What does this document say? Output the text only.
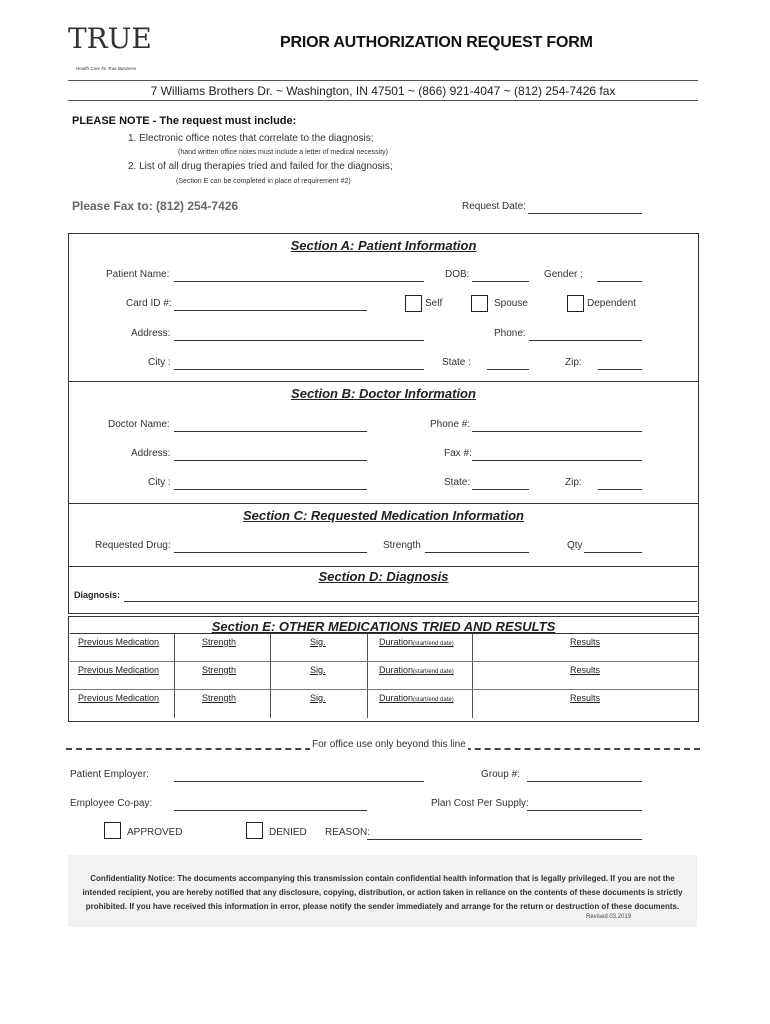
TRUE
Health Care for True Business
PRIOR AUTHORIZATION REQUEST FORM
7 Williams Brothers Dr. ~ Washington, IN 47501 ~ (866) 921-4047 ~ (812) 254-7426 fax
PLEASE NOTE - The request must include:
1. Electronic office notes that correlate to the diagnosis;
(hand written office notes must include a letter of medical necessity)
2. List of all drug therapies tried and failed for the diagnosis;
(Section E can be completed in place of requirement #2)
Please Fax to: (812) 254-7426	Request Date:
Section A: Patient Information
Patient Name:	DOB:	Gender :
Card ID #:	Self	Spouse	Dependent
Address:	Phone:
City :	State :	Zip:
Section B: Doctor Information
Doctor Name:	Phone #:
Address:	Fax #:
City :	State:	Zip:
Section C: Requested Medication Information
Requested Drug:	Strength	Qty
Section D: Diagnosis
Diagnosis:
Section E: OTHER MEDICATIONS TRIED AND RESULTS
Previous Medication	Strength	Sig.	Duration(start/end date)	Results
Previous Medication	Strength	Sig.	Duration(start/end date)	Results
Previous Medication	Strength	Sig.	Duration(start/end date)	Results
For office use only beyond this line
Patient Employer:	Group #:
Employee Co-pay:	Plan Cost Per Supply:
APPROVED	DENIED REASON:
Confidentiality Notice: The documents accompanying this transmission contain confidential health information that is legally privileged. If you are not the
intended recipient, you are hereby notified that any disclosure, copying, distribution, or action taken in reliance on the contents of these documents is strictly
prohibited. If you have received this information in error, please notify the sender immediately and arrange for the return or destruction of these documents.
Revised 03.2019
